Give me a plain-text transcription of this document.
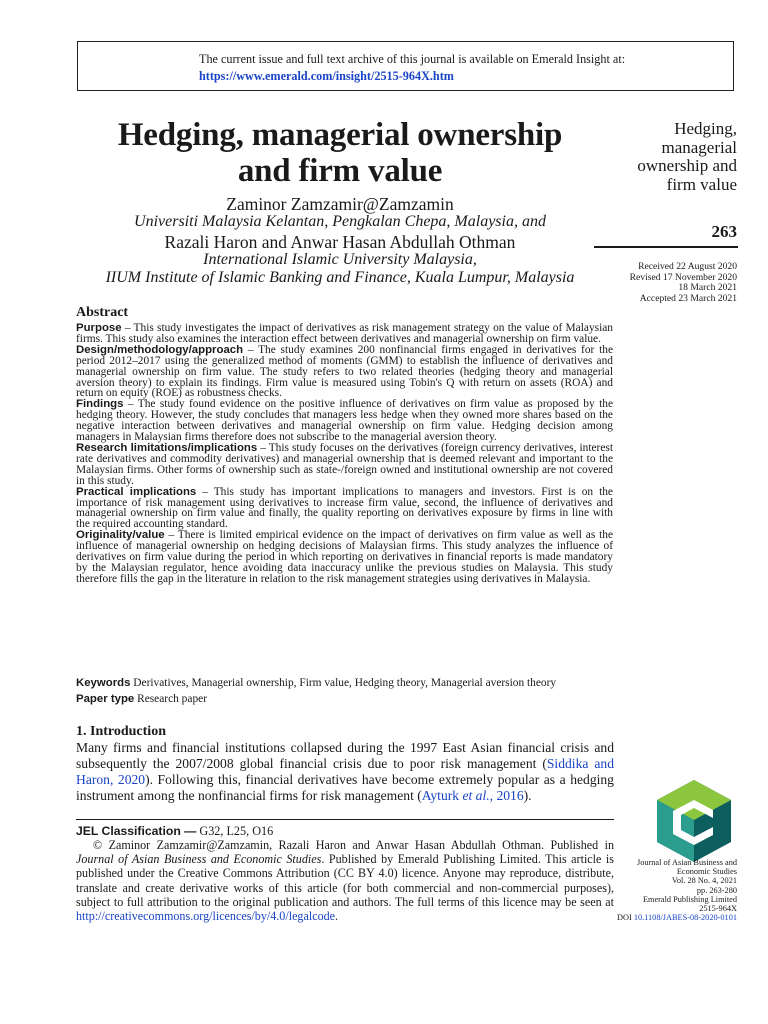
The current issue and full text archive of this journal is available on Emerald Insight at:
https://www.emerald.com/insight/2515-964X.htm
Hedging, managerial ownership
and firm value
Zaminor Zamzamir@Zamzamin
Universiti Malaysia Kelantan, Pengkalan Chepa, Malaysia, and
Razali Haron and Anwar Hasan Abdullah Othman
International Islamic University Malaysia,
IIUM Institute of Islamic Banking and Finance, Kuala Lumpur, Malaysia
Hedging,
managerial
ownership and
firm value
263
Received 22 August 2020
Revised 17 November 2020
18 March 2021
Accepted 23 March 2021
Abstract

Purpose – This study investigates the impact of derivatives as risk management strategy on the value of Malaysian firms. This study also examines the interaction effect between derivatives and managerial ownership on firm value.

Design/methodology/approach – The study examines 200 nonfinancial firms engaged in derivatives for the period 2012–2017 using the generalized method of moments (GMM) to establish the influence of derivatives and managerial ownership on firm value. The study refers to two related theories (hedging theory and managerial aversion theory) to explain its findings. Firm value is measured using Tobin's Q with return on assets (ROA) and return on equity (ROE) as robustness checks.

Findings – The study found evidence on the positive influence of derivatives on firm value as proposed by the hedging theory. However, the study concludes that managers less hedge when they owned more shares based on the negative interaction between derivatives and managerial ownership on firm value. Hedging decision among managers in Malaysian firms therefore does not subscribe to the managerial aversion theory.

Research limitations/implications – This study focuses on the derivatives (foreign currency derivatives, interest rate derivatives and commodity derivatives) and managerial ownership that is deemed relevant and important to the Malaysian firms. Other forms of ownership such as state-/foreign owned and institutional ownership are not covered in this study.

Practical implications – This study has important implications to managers and investors. First is on the importance of risk management using derivatives to increase firm value, second, the influence of derivatives and managerial ownership on firm value and finally, the quality reporting on derivatives exposure by firms in line with the required accounting standard.

Originality/value – There is limited empirical evidence on the impact of derivatives on firm value as well as the influence of managerial ownership on hedging decisions of Malaysian firms. This study analyzes the influence of derivatives on firm value during the period in which reporting on derivatives in financial reports is made mandatory by the Malaysian regulator, hence avoiding data inaccuracy unlike the previous studies on Malaysia. This study therefore fills the gap in the literature in relation to the risk management strategies using derivatives in Malaysia.

Keywords Derivatives, Managerial ownership, Firm value, Hedging theory, Managerial aversion theory
Paper type Research paper
1. Introduction
Many firms and financial institutions collapsed during the 1997 East Asian financial crisis and subsequently the 2007/2008 global financial crisis due to poor risk management (Siddika and Haron, 2020). Following this, financial derivatives have become extremely popular as a hedging instrument among the nonfinancial firms for risk management (Ayturk et al., 2016).
JEL Classification — G32, L25, O16
© Zaminor Zamzamir@Zamzamin, Razali Haron and Anwar Hasan Abdullah Othman. Published in Journal of Asian Business and Economic Studies. Published by Emerald Publishing Limited. This article is published under the Creative Commons Attribution (CC BY 4.0) licence. Anyone may reproduce, distribute, translate and create derivative works of this article (for both commercial and non-commercial purposes), subject to full attribution to the original publication and authors. The full terms of this licence may be seen at http://creativecommons.org/licences/by/4.0/legalcode.
Journal of Asian Business and
Economic Studies
Vol. 28 No. 4, 2021
pp. 263-280
Emerald Publishing Limited
2515-964X
DOI 10.1108/JABES-08-2020-0101
